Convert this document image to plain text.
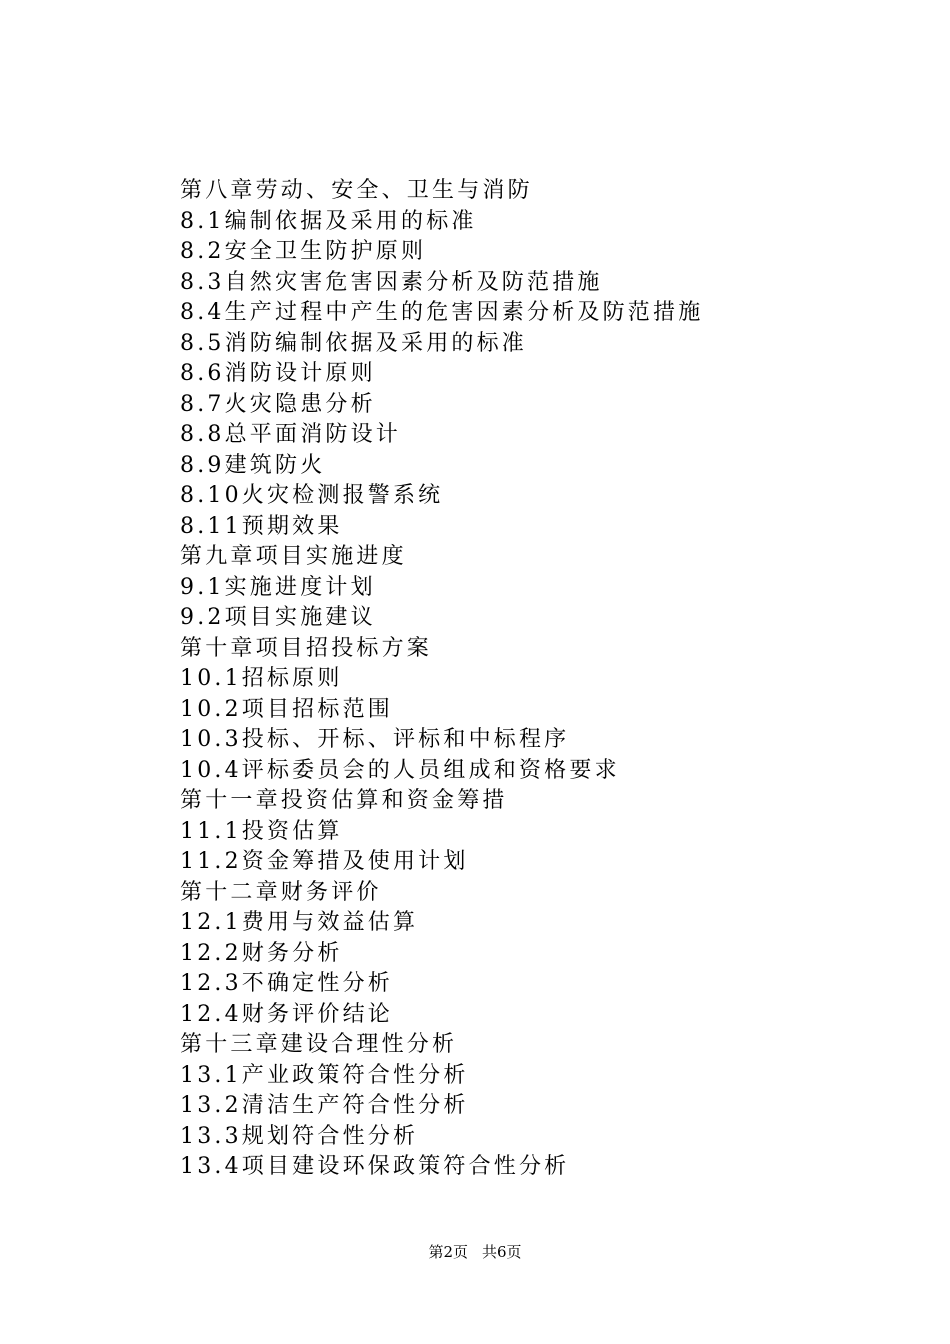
第八章劳动、安全、卫生与消防
8.1编制依据及采用的标准
8.2安全卫生防护原则
8.3自然灾害危害因素分析及防范措施
8.4生产过程中产生的危害因素分析及防范措施
8.5消防编制依据及采用的标准
8.6消防设计原则
8.7火灾隐患分析
8.8总平面消防设计
8.9建筑防火
8.10火灾检测报警系统
8.11预期效果
第九章项目实施进度
9.1实施进度计划
9.2项目实施建议
第十章项目招投标方案
10.1招标原则
10.2项目招标范围
10.3投标、开标、评标和中标程序
10.4评标委员会的人员组成和资格要求
第十一章投资估算和资金筹措
11.1投资估算
11.2资金筹措及使用计划
第十二章财务评价
12.1费用与效益估算
12.2财务分析
12.3不确定性分析
12.4财务评价结论
第十三章建设合理性分析
13.1产业政策符合性分析
13.2清洁生产符合性分析
13.3规划符合性分析
13.4项目建设环保政策符合性分析
第2页 共6页
